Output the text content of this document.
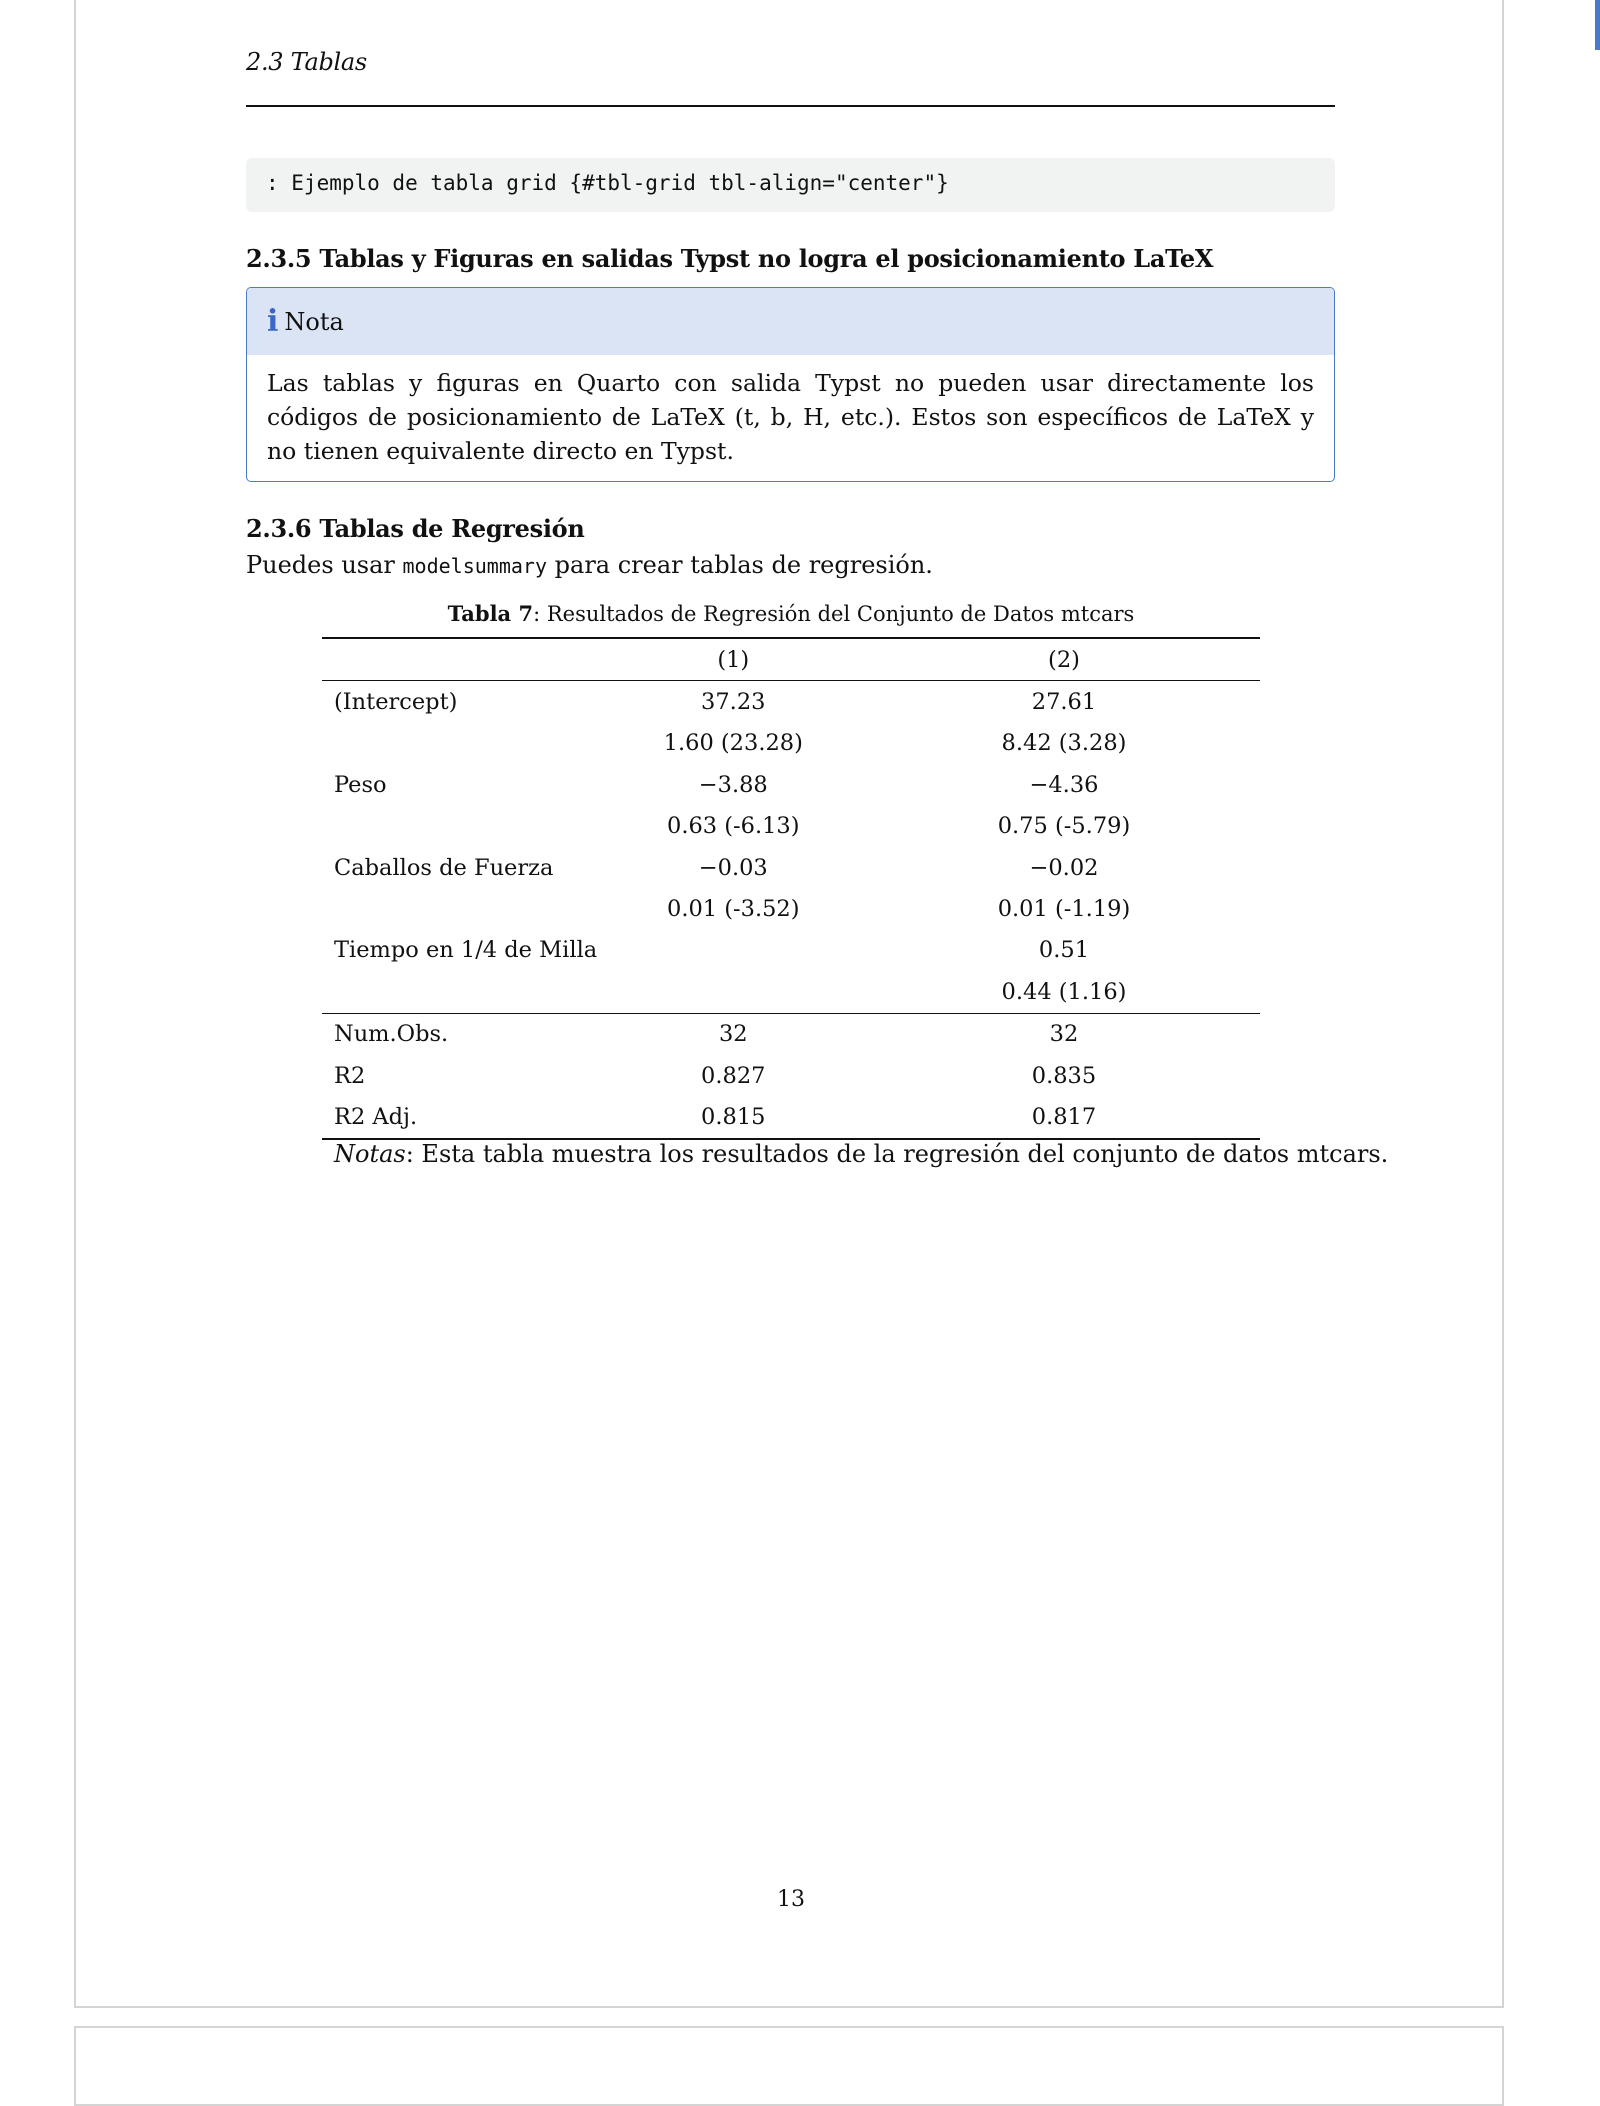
2.3 Tablas
: Ejemplo de tabla grid {#tbl-grid tbl-align="center"}
2.3.5 Tablas y Figuras en salidas Typst no logra el posicionamiento LaTeX
i Nota
Las tablas y figuras en Quarto con salida Typst no pueden usar directamente los códigos de posicionamiento de LaTeX (t, b, H, etc.). Estos son específicos de LaTeX y no tienen equivalente directo en Typst.
2.3.6 Tablas de Regresión
Puedes usar modelsummary para crear tablas de regresión.
Tabla 7: Resultados de Regresión del Conjunto de Datos mtcars
	(1)	(2)
(Intercept)	37.23	27.61
	1.60 (23.28)	8.42 (3.28)
Peso	−3.88	−4.36
	0.63 (-6.13)	0.75 (-5.79)
Caballos de Fuerza	−0.03	−0.02
	0.01 (-3.52)	0.01 (-1.19)
Tiempo en 1/4 de Milla		0.51
		0.44 (1.16)
Num.Obs.	32	32
R2	0.827	0.835
R2 Adj.	0.815	0.817
Notas: Esta tabla muestra los resultados de la regresión del conjunto de datos mtcars.
13
